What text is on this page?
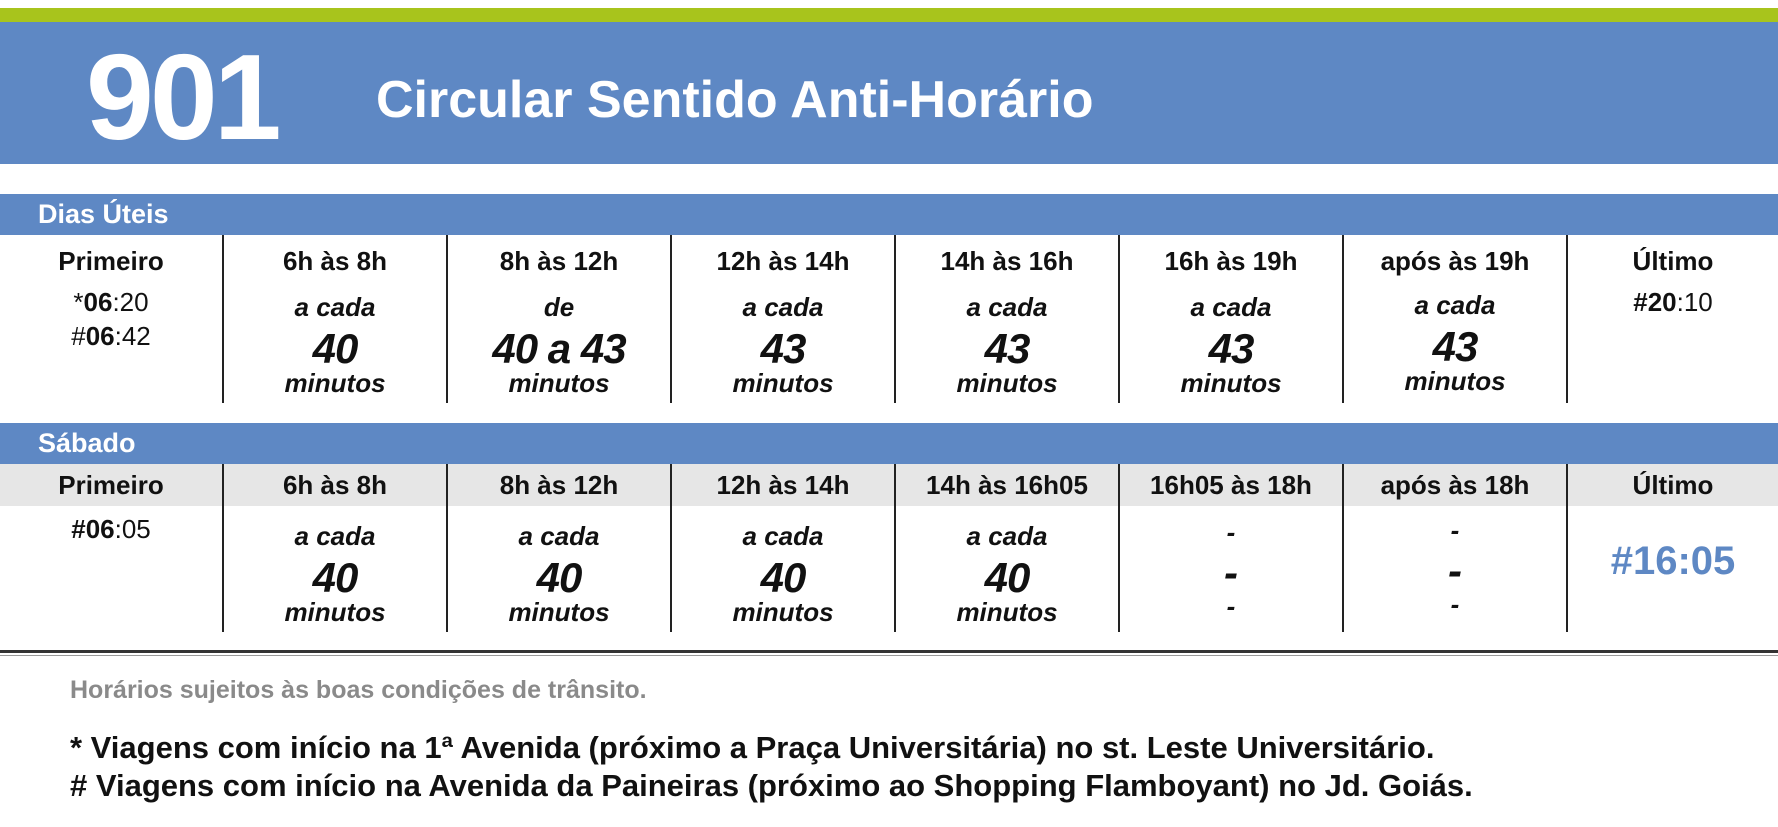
901 Circular Sentido Anti-Horário
Dias Úteis
Primeiro
*06:20
#06:42
6h às 8h
a cada
40
minutos
8h às 12h
de
40 a 43
minutos
12h às 14h
a cada
43
minutos
14h às 16h
a cada
43
minutos
16h às 19h
a cada
43
minutos
após às 19h
a cada
43
minutos
Último
#20:10
Sábado
Primeiro
#06:05
6h às 8h
a cada
40
minutos
8h às 12h
a cada
40
minutos
12h às 14h
a cada
40
minutos
14h às 16h05
a cada
40
minutos
16h05 às 18h
-
-
-
após às 18h
-
-
-
Último
#16:05
Horários sujeitos às boas condições de trânsito.
* Viagens com início na 1ª Avenida (próximo a Praça Universitária) no st. Leste Universitário.
# Viagens com início na Avenida da Paineiras (próximo ao Shopping Flamboyant) no Jd. Goiás.
